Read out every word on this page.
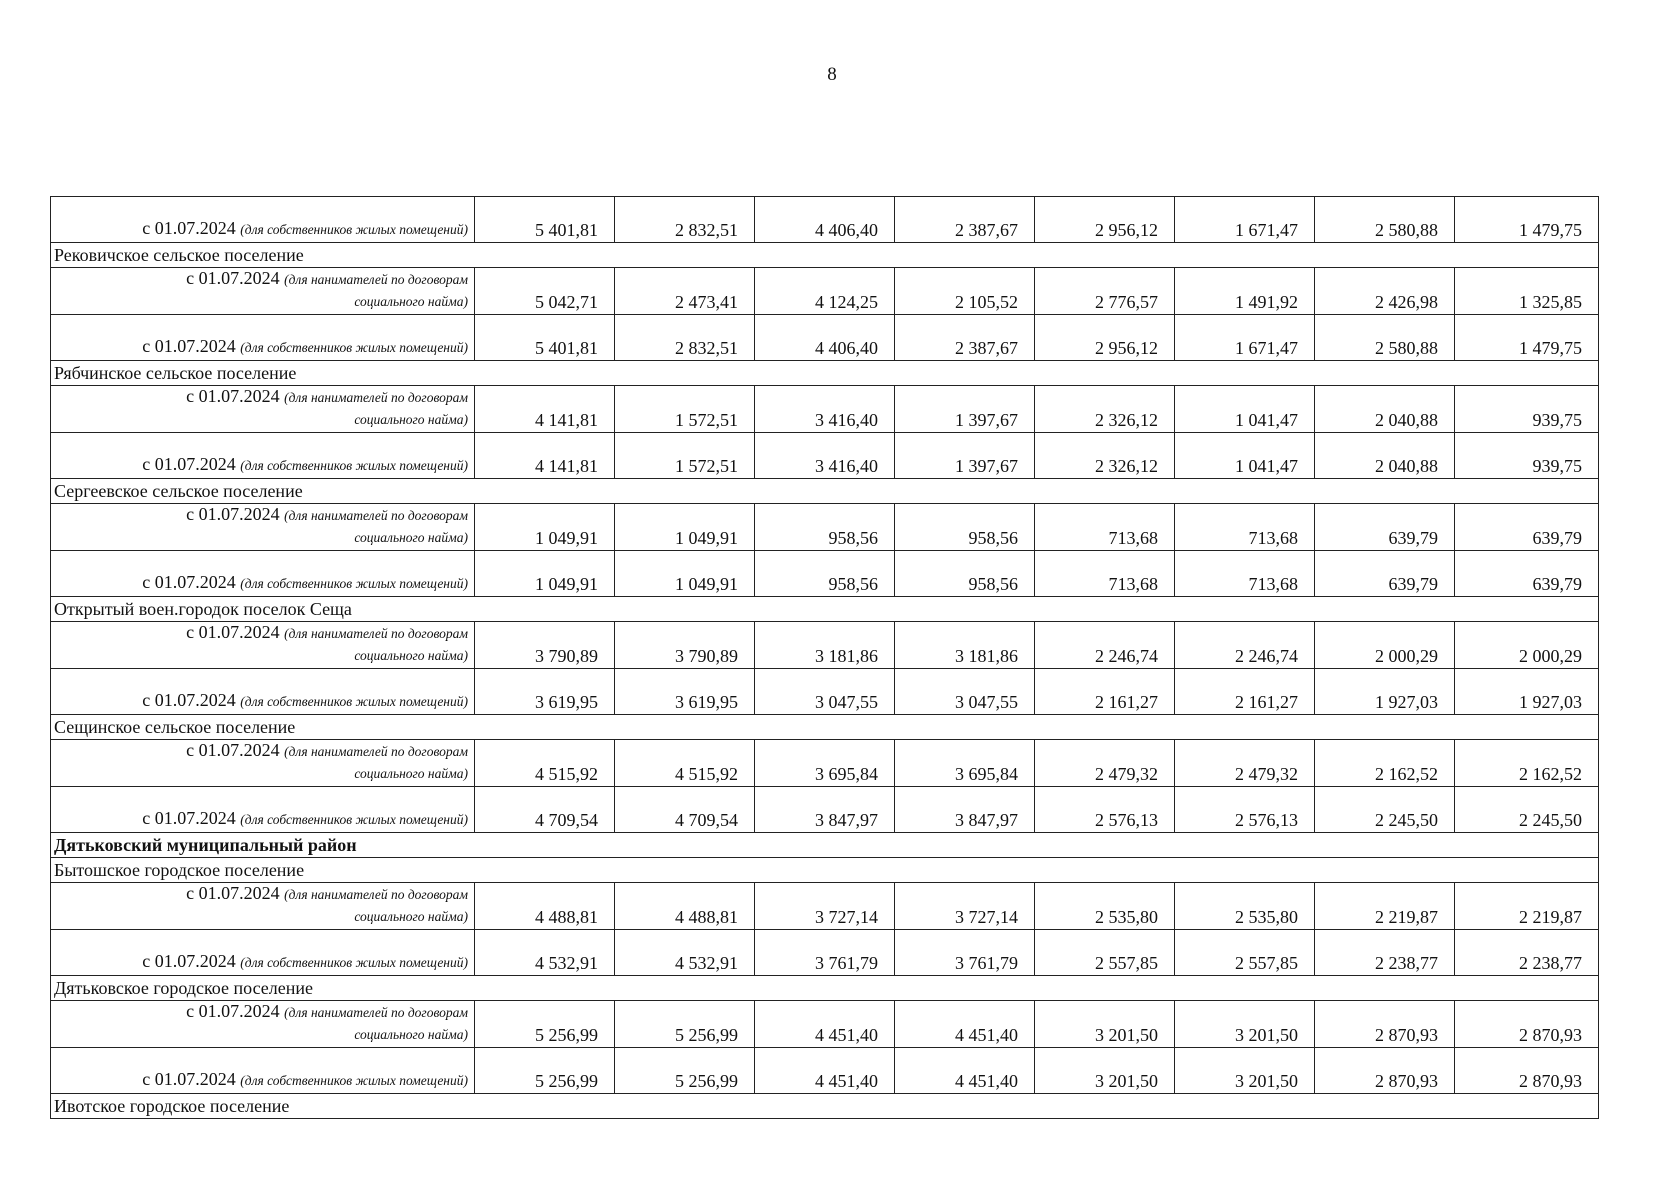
8
с 01.07.2024 (для собственников жилых помещений)	5 401,81	2 832,51	4 406,40	2 387,67	2 956,12	1 671,47	2 580,88	1 479,75
Рековичское сельское поселение								
с 01.07.2024 (для нанимателей по договорам
социального найма)	5 042,71	2 473,41	4 124,25	2 105,52	2 776,57	1 491,92	2 426,98	1 325,85
с 01.07.2024 (для собственников жилых помещений)	5 401,81	2 832,51	4 406,40	2 387,67	2 956,12	1 671,47	2 580,88	1 479,75
Рябчинское сельское поселение								
с 01.07.2024 (для нанимателей по договорам
социального найма)	4 141,81	1 572,51	3 416,40	1 397,67	2 326,12	1 041,47	2 040,88	939,75
с 01.07.2024 (для собственников жилых помещений)	4 141,81	1 572,51	3 416,40	1 397,67	2 326,12	1 041,47	2 040,88	939,75
Сергеевское сельское поселение								
с 01.07.2024 (для нанимателей по договорам
социального найма)	1 049,91	1 049,91	958,56	958,56	713,68	713,68	639,79	639,79
с 01.07.2024 (для собственников жилых помещений)	1 049,91	1 049,91	958,56	958,56	713,68	713,68	639,79	639,79
Открытый воен.городок поселок Сеща								
с 01.07.2024 (для нанимателей по договорам
социального найма)	3 790,89	3 790,89	3 181,86	3 181,86	2 246,74	2 246,74	2 000,29	2 000,29
с 01.07.2024 (для собственников жилых помещений)	3 619,95	3 619,95	3 047,55	3 047,55	2 161,27	2 161,27	1 927,03	1 927,03
Сещинское сельское поселение								
с 01.07.2024 (для нанимателей по договорам
социального найма)	4 515,92	4 515,92	3 695,84	3 695,84	2 479,32	2 479,32	2 162,52	2 162,52
с 01.07.2024 (для собственников жилых помещений)	4 709,54	4 709,54	3 847,97	3 847,97	2 576,13	2 576,13	2 245,50	2 245,50
Дятьковский муниципальный район								
Бытошское городское поселение								
с 01.07.2024 (для нанимателей по договорам
социального найма)	4 488,81	4 488,81	3 727,14	3 727,14	2 535,80	2 535,80	2 219,87	2 219,87
с 01.07.2024 (для собственников жилых помещений)	4 532,91	4 532,91	3 761,79	3 761,79	2 557,85	2 557,85	2 238,77	2 238,77
Дятьковское городское поселение								
с 01.07.2024 (для нанимателей по договорам
социального найма)	5 256,99	5 256,99	4 451,40	4 451,40	3 201,50	3 201,50	2 870,93	2 870,93
с 01.07.2024 (для собственников жилых помещений)	5 256,99	5 256,99	4 451,40	4 451,40	3 201,50	3 201,50	2 870,93	2 870,93
Ивотское городское поселение								
